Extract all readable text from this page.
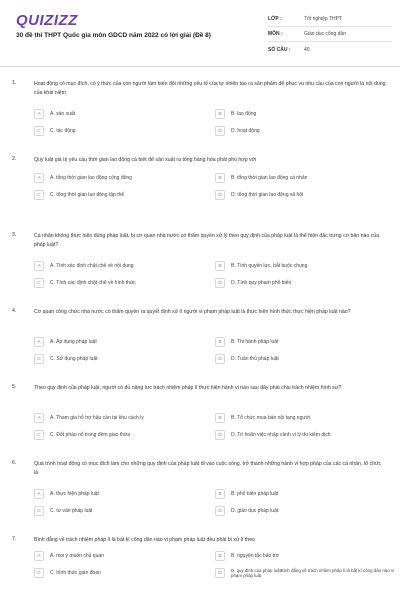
QUIZIZZ
30 đề thi THPT Quốc gia môn GDCD năm 2022 có lời giải (Đề 8)
LỚP :	Tốt nghiệp THPT
MÔN :	Giáo dục công dân
SỐ CÂU :	40
1.	Hoạt động có mục đích, có ý thức của con người làm biến đổi những yếu tố của tự nhiên tạo ra sản phẩm để phục vụ nhu cầu của con người là nội dung của khái niệm
A	A. sản xuất	B	B. lao động
C	C. tác động	D	D. hoạt động
2.	Quy luật giá trị yêu cầu thời gian lao động cá biệt để sản xuất ra tổng hàng hóa phải phù hợp với
A	A. tổng thời gian lao động cộng đồng	B	B. tổng thời gian lao động cá nhân
C	C. tổng thời gian lao động tập thể	D	D. tổng thời gian lao động xã hội
3.	Cá nhân không thực hiện đúng pháp luật, bị cơ quan nhà nước có thẩm quyền xử lý theo quy định của pháp luật là thể hiện đặc trưng cơ bản nào của pháp luật?
A	A. Tính xác định chặt chẽ về nội dung	B	B. Tính quyền lực, bắt buộc chung
C	C. Tính xác định chặt chẽ về hình thức	D	D. Tính quy phạm phổ biến
4.	Cơ quan công chức nhà nước có thẩm quyền ra quyết định xử lí người vi phạm pháp luật là thực hiện hình thức thực hiện pháp luật nào?
A	A. Áp dụng pháp luật	B	B. Thi hành pháp luật
C	C. Sử dụng pháp luật	D	D. Tuân thủ pháp luật
5.	Theo quy định của pháp luật, người có đủ năng lực trách nhiệm pháp lí thực hiện hành vi nào sau đây phải chịu trách nhiệm hình sự?
A	A. Tham gia hỗ trợ hậu cần tại khu cách ly	B	B. Tổ chức mua bán nội tạng người
C	C. Đốt pháo nổ trong đêm giao thừa	D	D. Trì hoãn việc nhập cảnh vì lý do kiểm dịch
6.	Quá trình hoạt động có mục đích làm cho những quy định của pháp luật đi vào cuộc sống, trở thành những hành vi hợp pháp của các cá nhân, tổ chức là
A	A. thực hiện pháp luật	B	B. phổ biến pháp luật
C	C. tư vấn pháp luật	D	D. giáo dục pháp luật
7.	Bình đẳng về trách nhiệm pháp lí là bất kì công dân nào vi phạm pháp luật đều phải bị xử lí theo
A	A. mọi ý muốn chủ quan	B	B. nguyện tắc bảo trợ
C	C. hình thức gián đoạn	D	D. quy định của pháp luậtBình đẳng về trách nhiệm pháp lí là bất kì công dân nào vi phạm pháp luật
